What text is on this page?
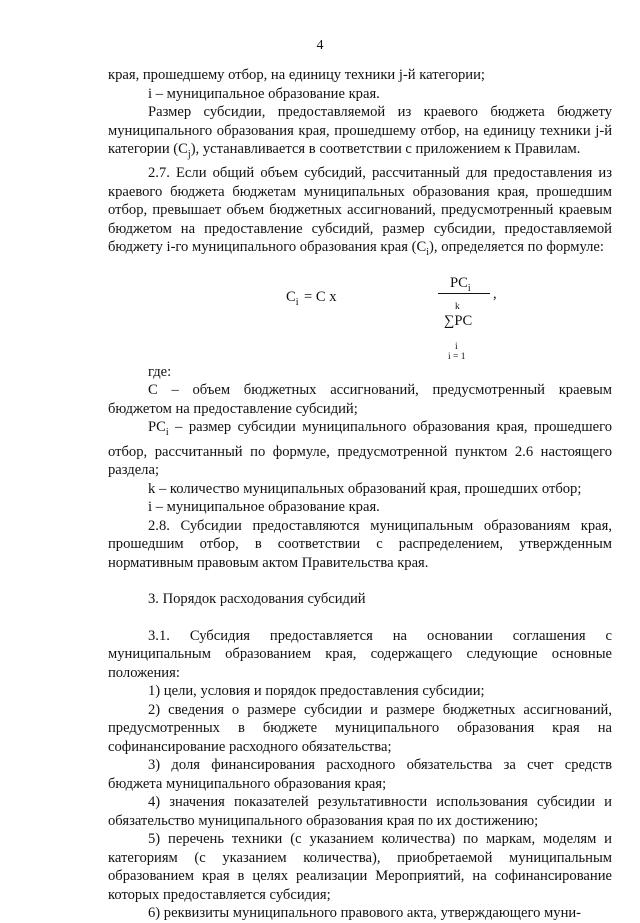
4

края, прошедшему отбор, на единицу техники j-й категории;

i – муниципальное образование края.

Размер субсидии, предоставляемой из краевого бюджета бюджету муниципального образования края, прошедшему отбор, на единицу техники j-й категории $(C_j)$, устанавливается в соответствии с приложением к Правилам.

2.7. Если общий объем субсидий, рассчитанный для предоставления из краевого бюджета бюджетам муниципальных образования края, прошедшим отбор, превышает объем бюджетных ассигнований, предусмотренный краевым бюджетом на предоставление субсидий, размер субсидии, предоставляемой бюджету i-го муниципального образования края $(C_i)$, определяется по формуле:

$C_i = C$ x
$PC_i$ ,
k
∑PC
i
i = 1

где:

C – объем бюджетных ассигнований, предусмотренный краевым бюджетом на предоставление субсидий;

$PC_i$ – размер субсидии муниципального образования края, прошедшего отбор, рассчитанный по формуле, предусмотренной пунктом 2.6 настоящего раздела;

k – количество муниципальных образований края, прошедших отбор;

i – муниципальное образование края.

2.8. Субсидии предоставляются муниципальным образованиям края, прошедшим отбор, в соответствии с распределением, утвержденным нормативным правовым актом Правительства края.

3. Порядок расходования субсидий

3.1. Субсидия предоставляется на основании соглашения с муниципальным образованием края, содержащего следующие основные положения:

1) цели, условия и порядок предоставления субсидии;

2) сведения о размере субсидии и размере бюджетных ассигнований, предусмотренных в бюджете муниципального образования края на софинансирование расходного обязательства;

3) доля финансирования расходного обязательства за счет средств бюджета муниципального образования края;

4) значения показателей результативности использования субсидии и обязательство муниципального образования края по их достижению;

5) перечень техники (с указанием количества) по маркам, моделям и категориям (с указанием количества), приобретаемой муниципальным образованием края в целях реализации Мероприятий, на софинансирование которых предоставляется субсидия;

6) реквизиты муниципального правового акта, утверждающего муни-
